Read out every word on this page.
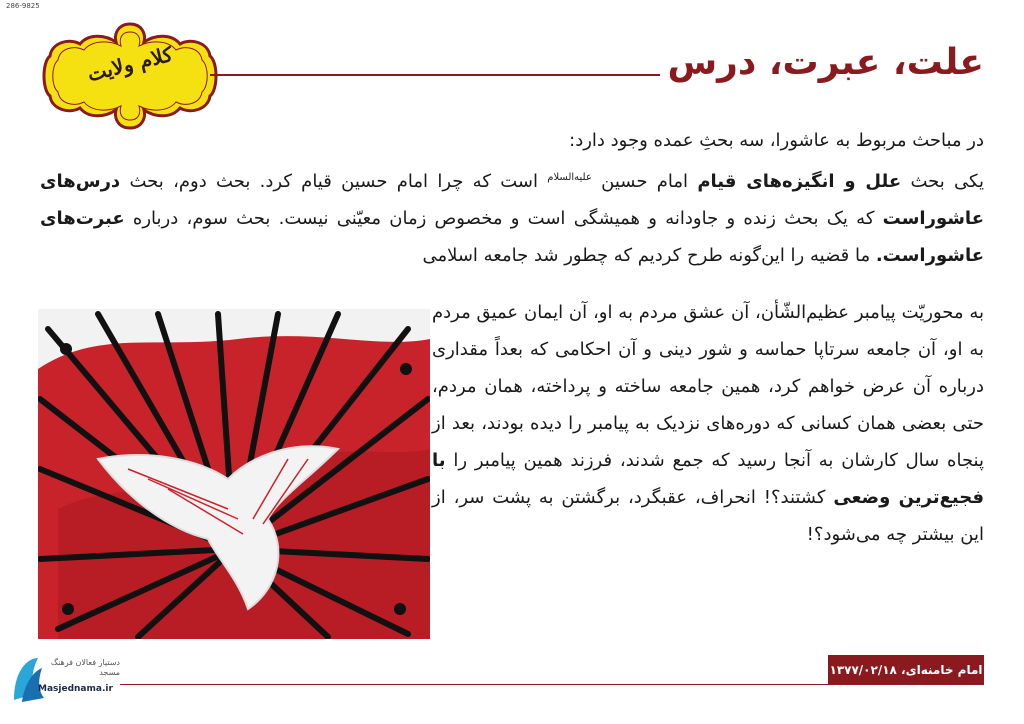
286-9825
کلام ولایت	علت، عبرت، درس
در مباحث مربوط به عاشورا، سه بحثِ عمده وجود دارد:
یکی بحث علل و انگیزه‌های قیام امام حسین $^{علیه‌السلام}$ است که چرا امام حسین قیام کرد. بحث دوم، بحث درس‌های عاشوراست که یک بحث زنده و جاودانه و همیشگی است و مخصوص زمان معیّنی نیست. بحث سوم، درباره عبرت‌های عاشوراست. ما قضیه را این‌گونه طرح کردیم که چطور شد جامعه اسلامی
به محوریّت پیامبر عظیم‌الشّأن، آن عشق مردم به او، آن ایمان عمیق مردم به او، آن جامعه سرتاپا حماسه و شور دینی و آن احکامی که بعداً مقداری درباره آن عرض خواهم کرد، همین جامعه ساخته و پرداخته، همان مردم، حتی بعضی همان کسانی که دوره‌های نزدیک به پیامبر را دیده بودند، بعد از پنجاه سال کارشان به آنجا رسید که جمع شدند، فرزند همین پیامبر را با فجیع‌ترین وضعی کشتند؟! انحراف، عقبگرد، برگشتن به پشت سر، از این بیشتر چه می‌شود؟!
دستیار فعالان فرهنگ مسجد
Masjednama.ir
امام خامنه‌ای، ۱۳۷۷/۰۲/۱۸
